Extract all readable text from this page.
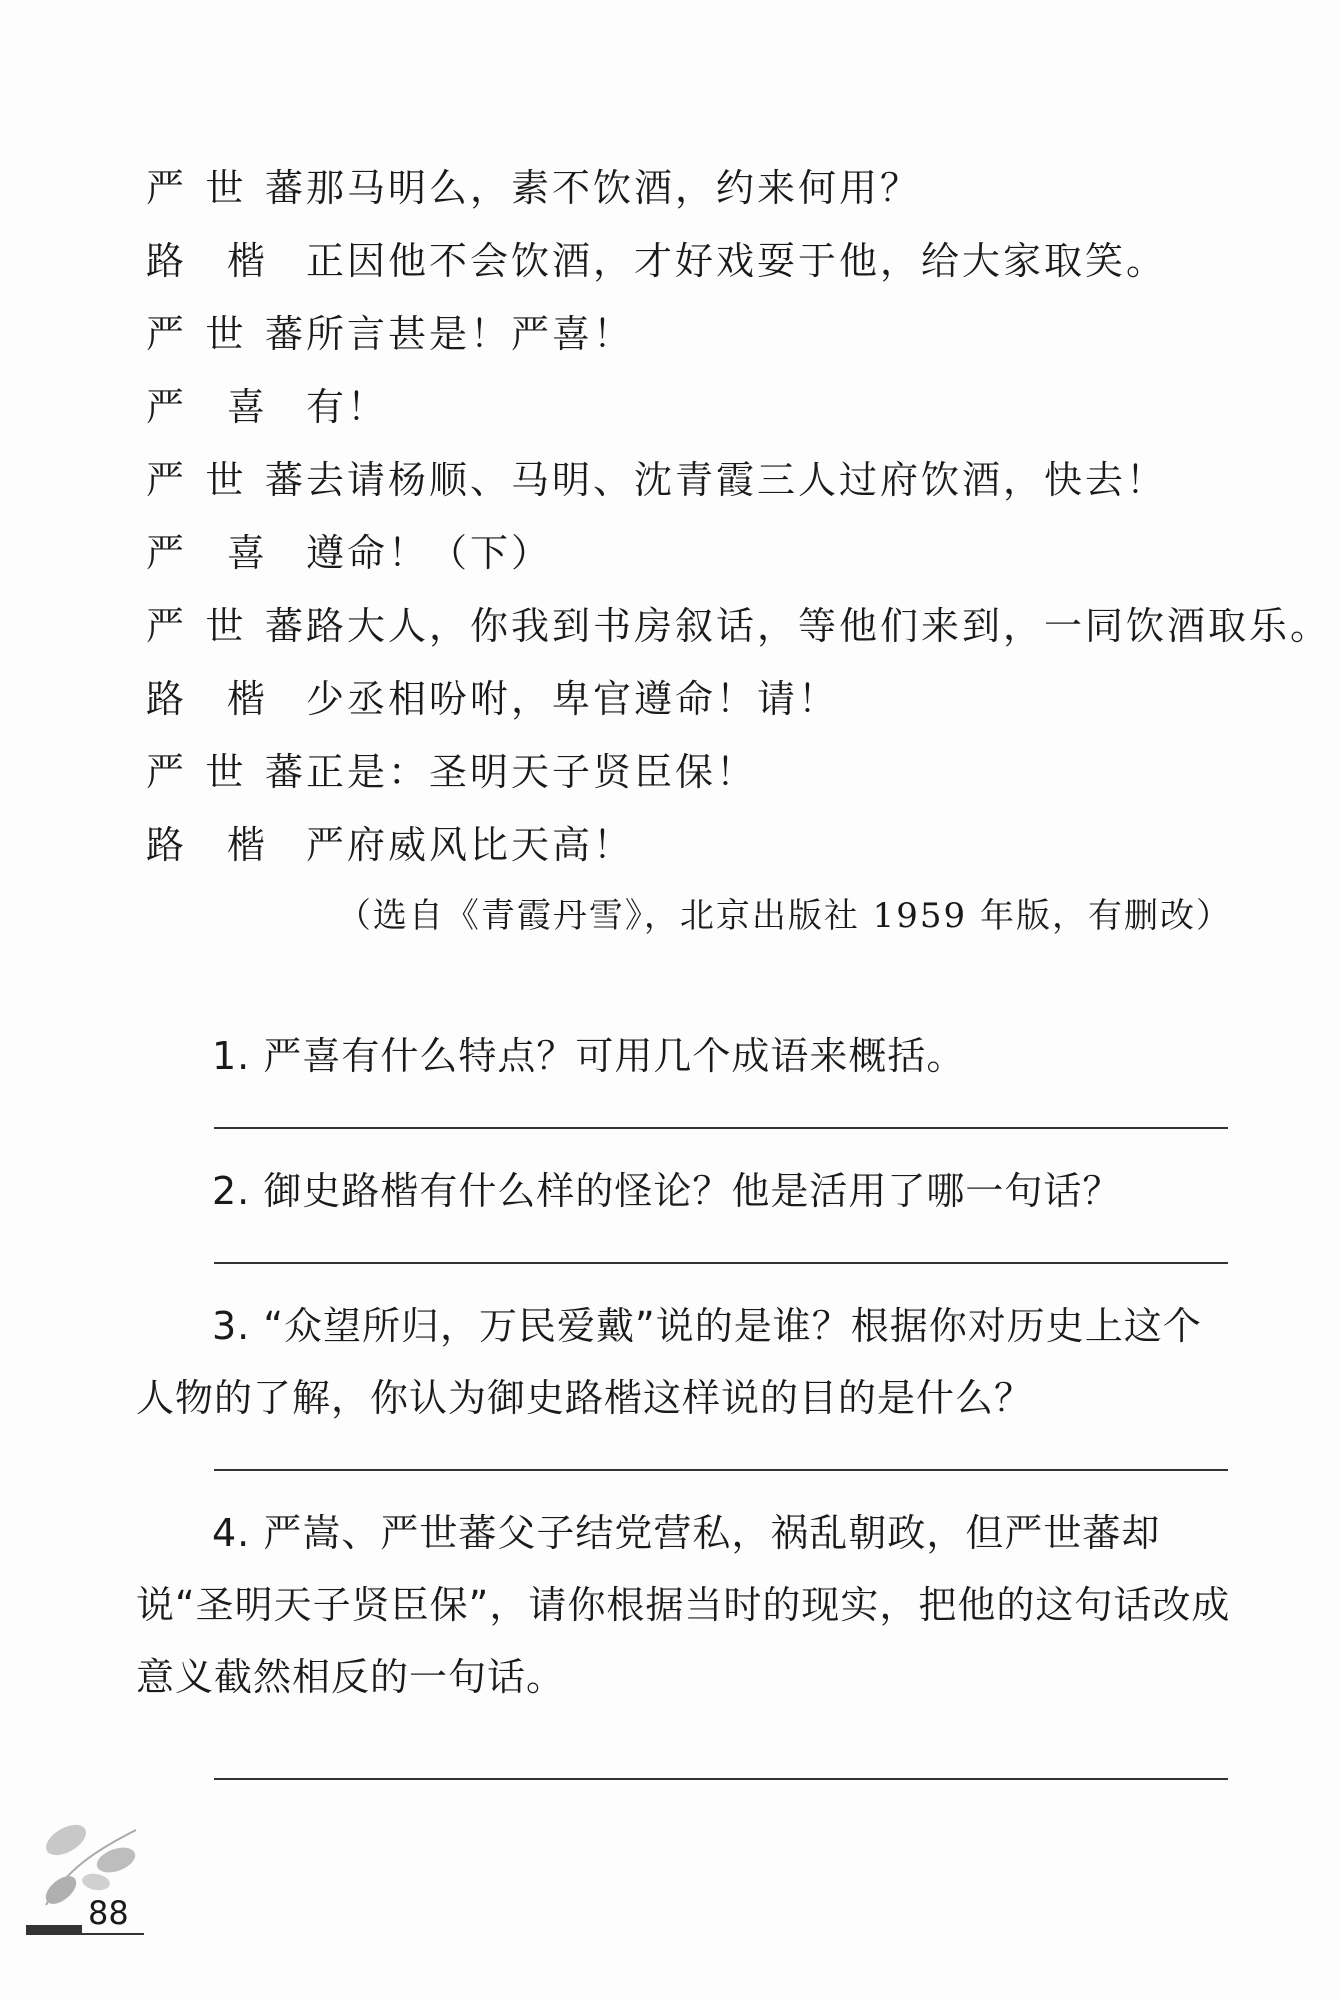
严 世 蕃 那马明么，素不饮酒，约来何用？
路 楷 正因他不会饮酒，才好戏耍于他，给大家取笑。
严 世 蕃 所言甚是！严喜！
严 喜 有！
严 世 蕃 去请杨顺、马明、沈青霞三人过府饮酒，快去！
严 喜 遵命！（下）
严 世 蕃 路大人，你我到书房叙话，等他们来到，一同饮酒取乐。
路 楷 少丞相吩咐，卑官遵命！请！
严 世 蕃 正是：圣明天子贤臣保！
路 楷 严府威风比天高！
（选自《青霞丹雪》，北京出版社 1959 年版，有删改）
1. 严喜有什么特点？可用几个成语来概括。
2. 御史路楷有什么样的怪论？他是活用了哪一句话？
3. “众望所归，万民爱戴”说的是谁？根据你对历史上这个人物的了解，你认为御史路楷这样说的目的是什么？
4. 严嵩、严世蕃父子结党营私，祸乱朝政，但严世蕃却说“圣明天子贤臣保”，请你根据当时的现实，把他的这句话改成意义截然相反的一句话。
88
